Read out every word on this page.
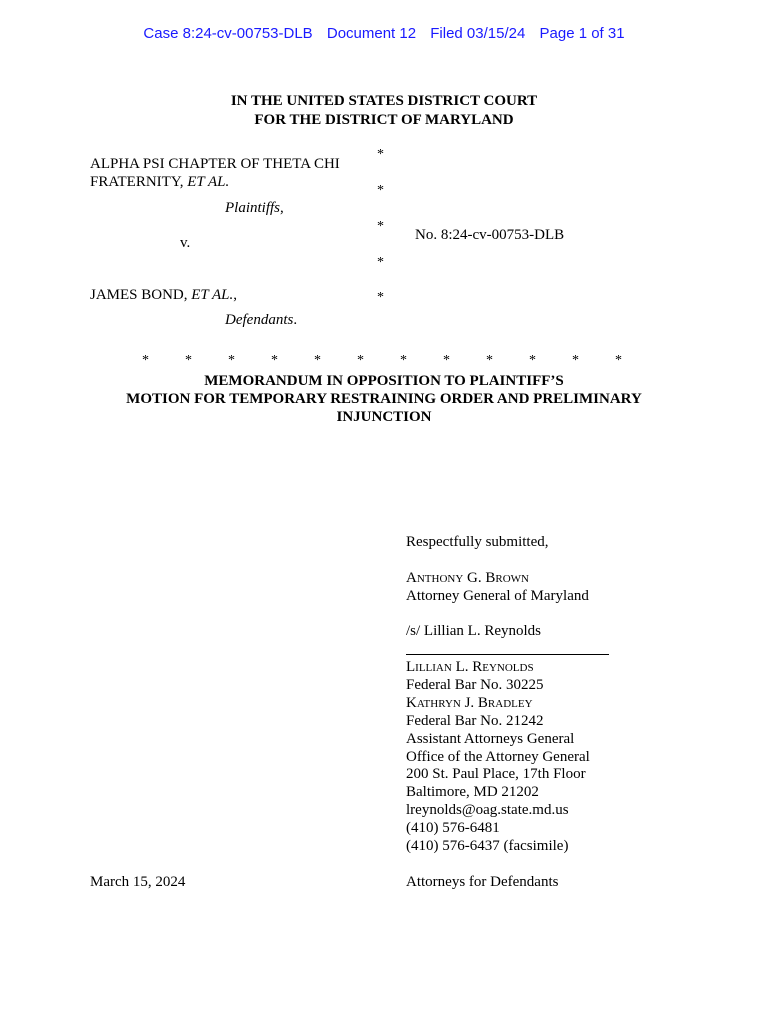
Case 8:24-cv-00753-DLB Document 12 Filed 03/15/24 Page 1 of 31
IN THE UNITED STATES DISTRICT COURT
FOR THE DISTRICT OF MARYLAND
ALPHA PSI CHAPTER OF THETA CHI
FRATERNITY, ET AL.
Plaintiffs,
v.
JAMES BOND, ET AL.,
Defendants.
*
*
*
*
*
No. 8:24-cv-00753-DLB
*	*	*	*	*	*	*	*	*	*	*	*
MEMORANDUM IN OPPOSITION TO PLAINTIFF’S
MOTION FOR TEMPORARY RESTRAINING ORDER AND PRELIMINARY
INJUNCTION
Respectfully submitted,
Anthony G. Brown
Attorney General of Maryland
/s/ Lillian L. Reynolds
Lillian L. Reynolds
Federal Bar No. 30225
Kathryn J. Bradley
Federal Bar No. 21242
Assistant Attorneys General
Office of the Attorney General
200 St. Paul Place, 17th Floor
Baltimore, MD 21202
lreynolds@oag.state.md.us
(410) 576-6481
(410) 576-6437 (facsimile)
March 15, 2024	Attorneys for Defendants
